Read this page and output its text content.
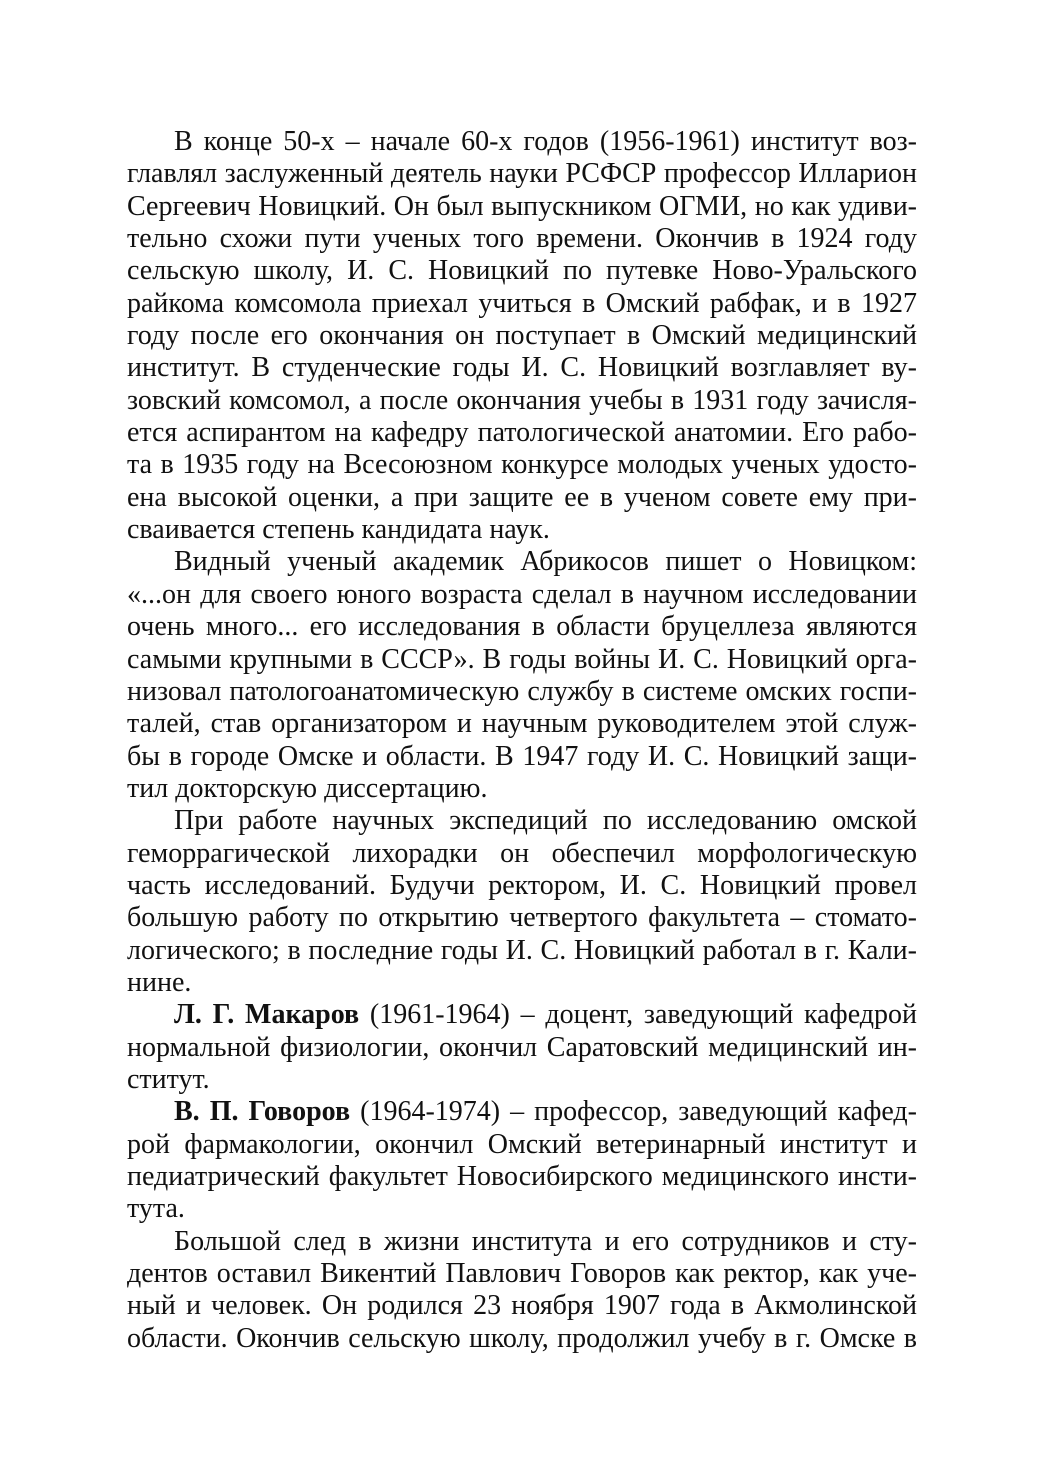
В конце 50-х – начале 60-х годов (1956-1961) институт воз-
главлял заслуженный деятель науки РСФСР профессор Илларион
Сергеевич Новицкий. Он был выпускником ОГМИ, но как удиви-
тельно схожи пути ученых того времени. Окончив в 1924 году
сельскую школу, И. С. Новицкий по путевке Ново-Уральского
райкома комсомола приехал учиться в Омский рабфак, и в 1927
году после его окончания он поступает в Омский медицинский
институт. В студенческие годы И. С. Новицкий возглавляет ву-
зовский комсомол, а после окончания учебы в 1931 году зачисля-
ется аспирантом на кафедру патологической анатомии. Его рабо-
та в 1935 году на Всесоюзном конкурсе молодых ученых удосто-
ена высокой оценки, а при защите ее в ученом совете ему при-
сваивается степень кандидата наук.
Видный ученый академик Абрикосов пишет о Новицком:
«...он для своего юного возраста сделал в научном исследовании
очень много... его исследования в области бруцеллеза являются
самыми крупными в СССР». В годы войны И. С. Новицкий орга-
низовал патологоанатомическую службу в системе омских госпи-
талей, став организатором и научным руководителем этой служ-
бы в городе Омске и области. В 1947 году И. С. Новицкий защи-
тил докторскую диссертацию.
При работе научных экспедиций по исследованию омской
геморрагической лихорадки он обеспечил морфологическую
часть исследований. Будучи ректором, И. С. Новицкий провел
большую работу по открытию четвертого факультета – стомато-
логического; в последние годы И. С. Новицкий работал в г. Кали-
нине.
Л. Г. Макаров (1961-1964) – доцент, заведующий кафедрой
нормальной физиологии, окончил Саратовский медицинский ин-
ститут.
В. П. Говоров (1964-1974) – профессор, заведующий кафед-
рой фармакологии, окончил Омский ветеринарный институт и
педиатрический факультет Новосибирского медицинского инсти-
тута.
Большой след в жизни института и его сотрудников и сту-
дентов оставил Викентий Павлович Говоров как ректор, как уче-
ный и человек. Он родился 23 ноября 1907 года в Акмолинской
области. Окончив сельскую школу, продолжил учебу в г. Омске в
